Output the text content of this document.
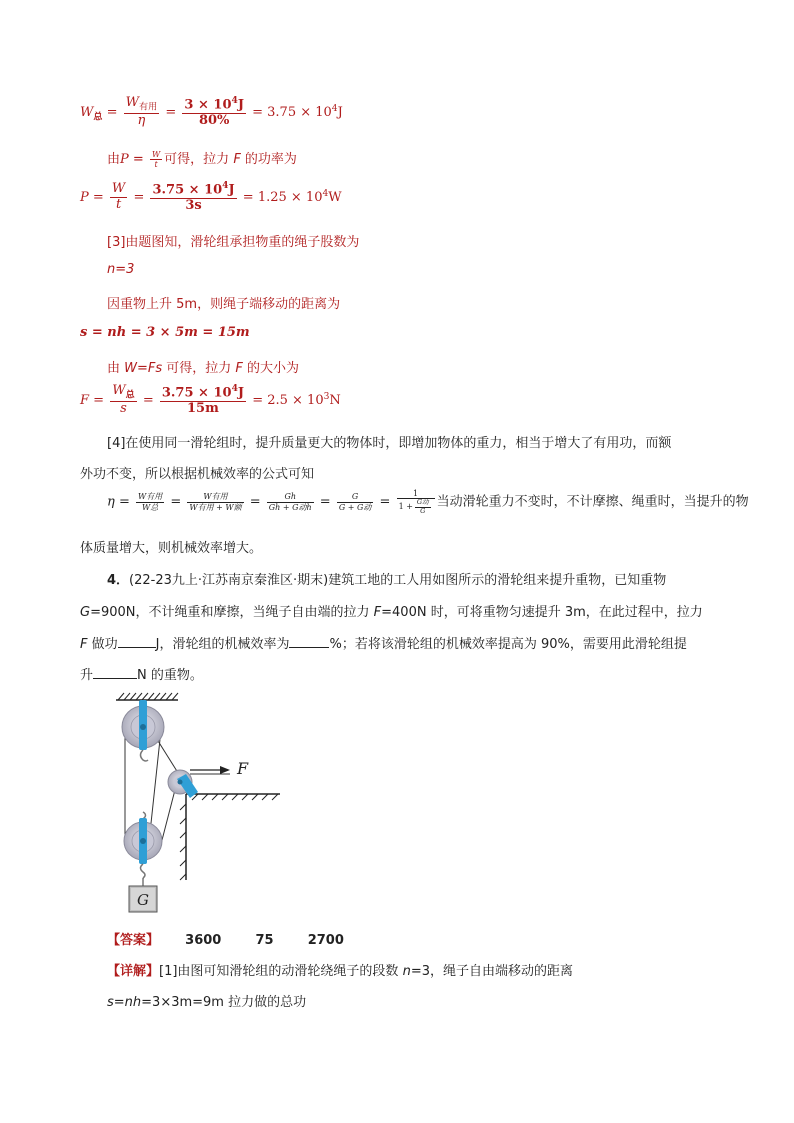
$W_总 = \frac{W_{有用}}{\eta} = \frac{3 \times 10^4J}{80\%} = 3.75 \times 10^4J$
由$P = \frac{W}{t}$ 可得，拉力 F 的功率为
$P = \frac{W}{t} = \frac{3.75 \times 10^4J}{3s} = 1.25 \times 10^4W$
[3]由题图知，滑轮组承担物重的绳子股数为
n=3
因重物上升 5m，则绳子端移动的距离为
s = nh = 3 × 5m = 15m
由 W=Fs 可得，拉力 F 的大小为
$F = \frac{W_总}{s} = \frac{3.75 \times 10^4J}{15m} = 2.5 \times 10^3N$
[4]在使用同一滑轮组时，提升质量更大的物体时，即增加物体的重力，相当于增大了有用功，而额
外功不变，所以根据机械效率的公式可知
$\eta = \frac{\text{W有用}}{\text{W总}} = \frac{\text{W有用}}{\text{W有用 + W额}} = \frac{Gh}{\text{Gh + G动h}} = \frac{G}{\text{G + G动}} = \frac{1}{1 + \frac{\text{G动}}{G}}$ 当动滑轮重力不变时，不计摩擦、绳重时，当提升的物
体质量增大，则机械效率增大。
4．(22-23九上·江苏南京秦淮区·期末)建筑工地的工人用如图所示的滑轮组来提升重物，已知重物
G=900N，不计绳重和摩擦，当绳子自由端的拉力 F=400N 时，可将重物匀速提升 3m，在此过程中，拉力
F 做功	J，滑轮组的机械效率为	%；若将该滑轮组的机械效率提高为 90%，需要用此滑轮组提
升	N 的重物。
F
G
【答案】 3600	75	2700
【详解】[1]由图可知滑轮组的动滑轮绕绳子的段数 n=3，绳子自由端移动的距离
s=nh=3×3m=9m 拉力做的总功
